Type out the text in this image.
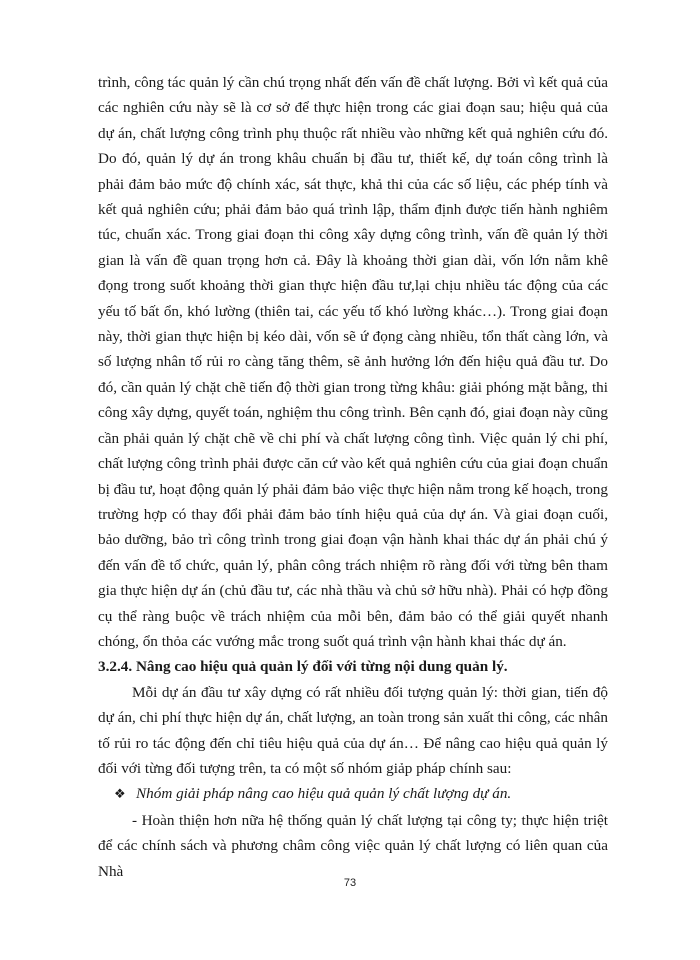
trình, công tác quản lý cần chú trọng nhất đến vấn đề chất lượng. Bởi vì kết quả của các nghiên cứu này sẽ là cơ sở để thực hiện trong các giai đoạn sau; hiệu quả của dự án, chất lượng công trình phụ thuộc rất nhiều vào những kết quả nghiên cứu đó. Do đó, quản lý dự án trong khâu chuẩn bị đầu tư, thiết kế, dự toán công trình là phải đảm bảo mức độ chính xác, sát thực, khả thi của các số liệu, các phép tính và kết quả nghiên cứu; phải đảm bảo quá trình lập, thẩm định được tiến hành nghiêm túc, chuẩn xác. Trong giai đoạn thi công xây dựng công trình, vấn đề quản lý thời gian là vấn đề quan trọng hơn cả. Đây là khoảng thời gian dài, vốn lớn nằm khê đọng trong suốt khoảng thời gian thực hiện đầu tư,lại chịu nhiều tác động của các yếu tố bất ổn, khó lường (thiên tai, các yếu tố khó lường khác…). Trong giai đoạn này, thời gian thực hiện bị kéo dài, vốn sẽ ứ đọng càng nhiều, tổn thất càng lớn, và số lượng nhân tố rủi ro càng tăng thêm, sẽ ảnh hưởng lớn đến hiệu quả đầu tư. Do đó, cần quản lý chặt chẽ tiến độ thời gian trong từng khâu: giải phóng mặt bằng, thi công xây dựng, quyết toán, nghiệm thu công trình. Bên cạnh đó, giai đoạn này cũng cần phải quản lý chặt chẽ về chi phí và chất lượng công tình. Việc quản lý chi phí, chất lượng công trình phải được căn cứ vào kết quả nghiên cứu của giai đoạn chuẩn bị đầu tư, hoạt động quản lý phải đảm bảo việc thực hiện nằm trong kế hoạch, trong trường hợp có thay đổi phải đảm bảo tính hiệu quả của dự án. Và giai đoạn cuối, bảo dưỡng, bảo trì công trình trong giai đoạn vận hành khai thác dự án phải chú ý đến vấn đề tổ chức, quản lý, phân công trách nhiệm rõ ràng đối với từng bên tham gia thực hiện dự án (chủ đầu tư, các nhà thầu và chủ sở hữu nhà). Phải có hợp đồng cụ thể ràng buộc về trách nhiệm của mỗi bên, đảm bảo có thể giải quyết nhanh chóng, ổn thỏa các vướng mắc trong suốt quá trình vận hành khai thác dự án.

3.2.4. Nâng cao hiệu quả quản lý đối với từng nội dung quản lý.

Mỗi dự án đầu tư xây dựng có rất nhiều đối tượng quản lý: thời gian, tiến độ dự án, chi phí thực hiện dự án, chất lượng, an toàn trong sản xuất thi công, các nhân tố rủi ro tác động đến chỉ tiêu hiệu quả của dự án… Để nâng cao hiệu quả quản lý đối với từng đối tượng trên, ta có một số nhóm giảp pháp chính sau:

❖ Nhóm giải pháp nâng cao hiệu quả quản lý chất lượng dự án.

- Hoàn thiện hơn nữa hệ thống quản lý chất lượng tại công ty; thực hiện triệt để các chính sách và phương châm công việc quản lý chất lượng có liên quan của Nhà

73
